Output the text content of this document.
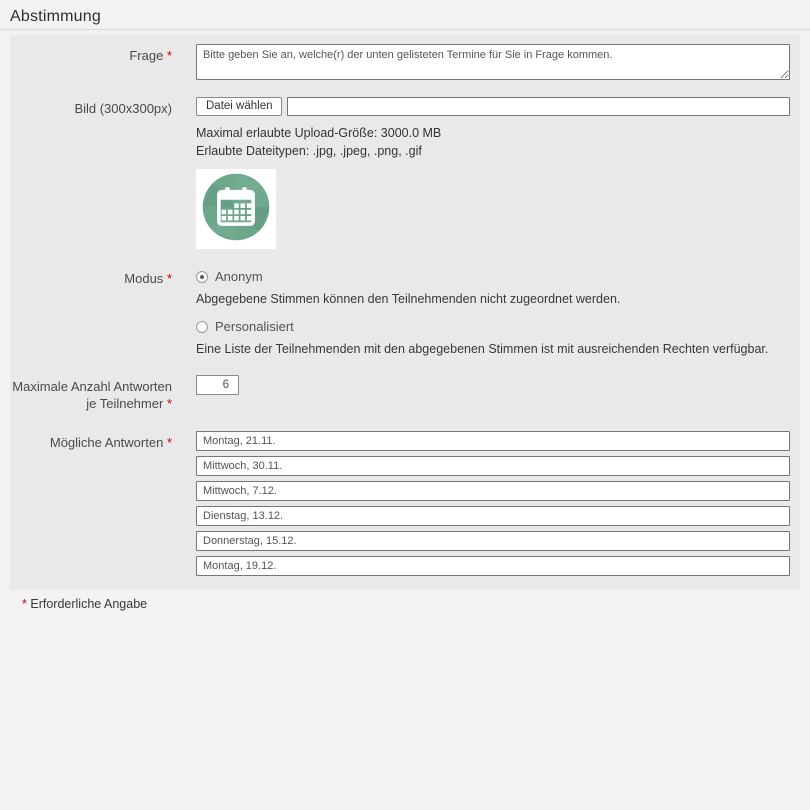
Abstimmung
Frage *
Bitte geben Sie an, welche(r) der unten gelisteten Termine für Sie in Frage kommen.
Bild (300x300px)	Datei wählen
Maximal erlaubte Upload-Größe: 3000.0 MB
Erlaubte Dateitypen: .jpg, .jpeg, .png, .gif
Modus *	Anonym
Abgegebene Stimmen können den Teilnehmenden nicht zugeordnet werden.
Personalisiert
Eine Liste der Teilnehmenden mit den abgegebenen Stimmen ist mit ausreichenden Rechten verfügbar.
Maximale Anzahl Antworten je Teilnehmer *
6
Mögliche Antworten *
Montag, 21.11.
Mittwoch, 30.11.
Mittwoch, 7.12.
Dienstag, 13.12.
Donnerstag, 15.12.
Montag, 19.12.
* Erforderliche Angabe
